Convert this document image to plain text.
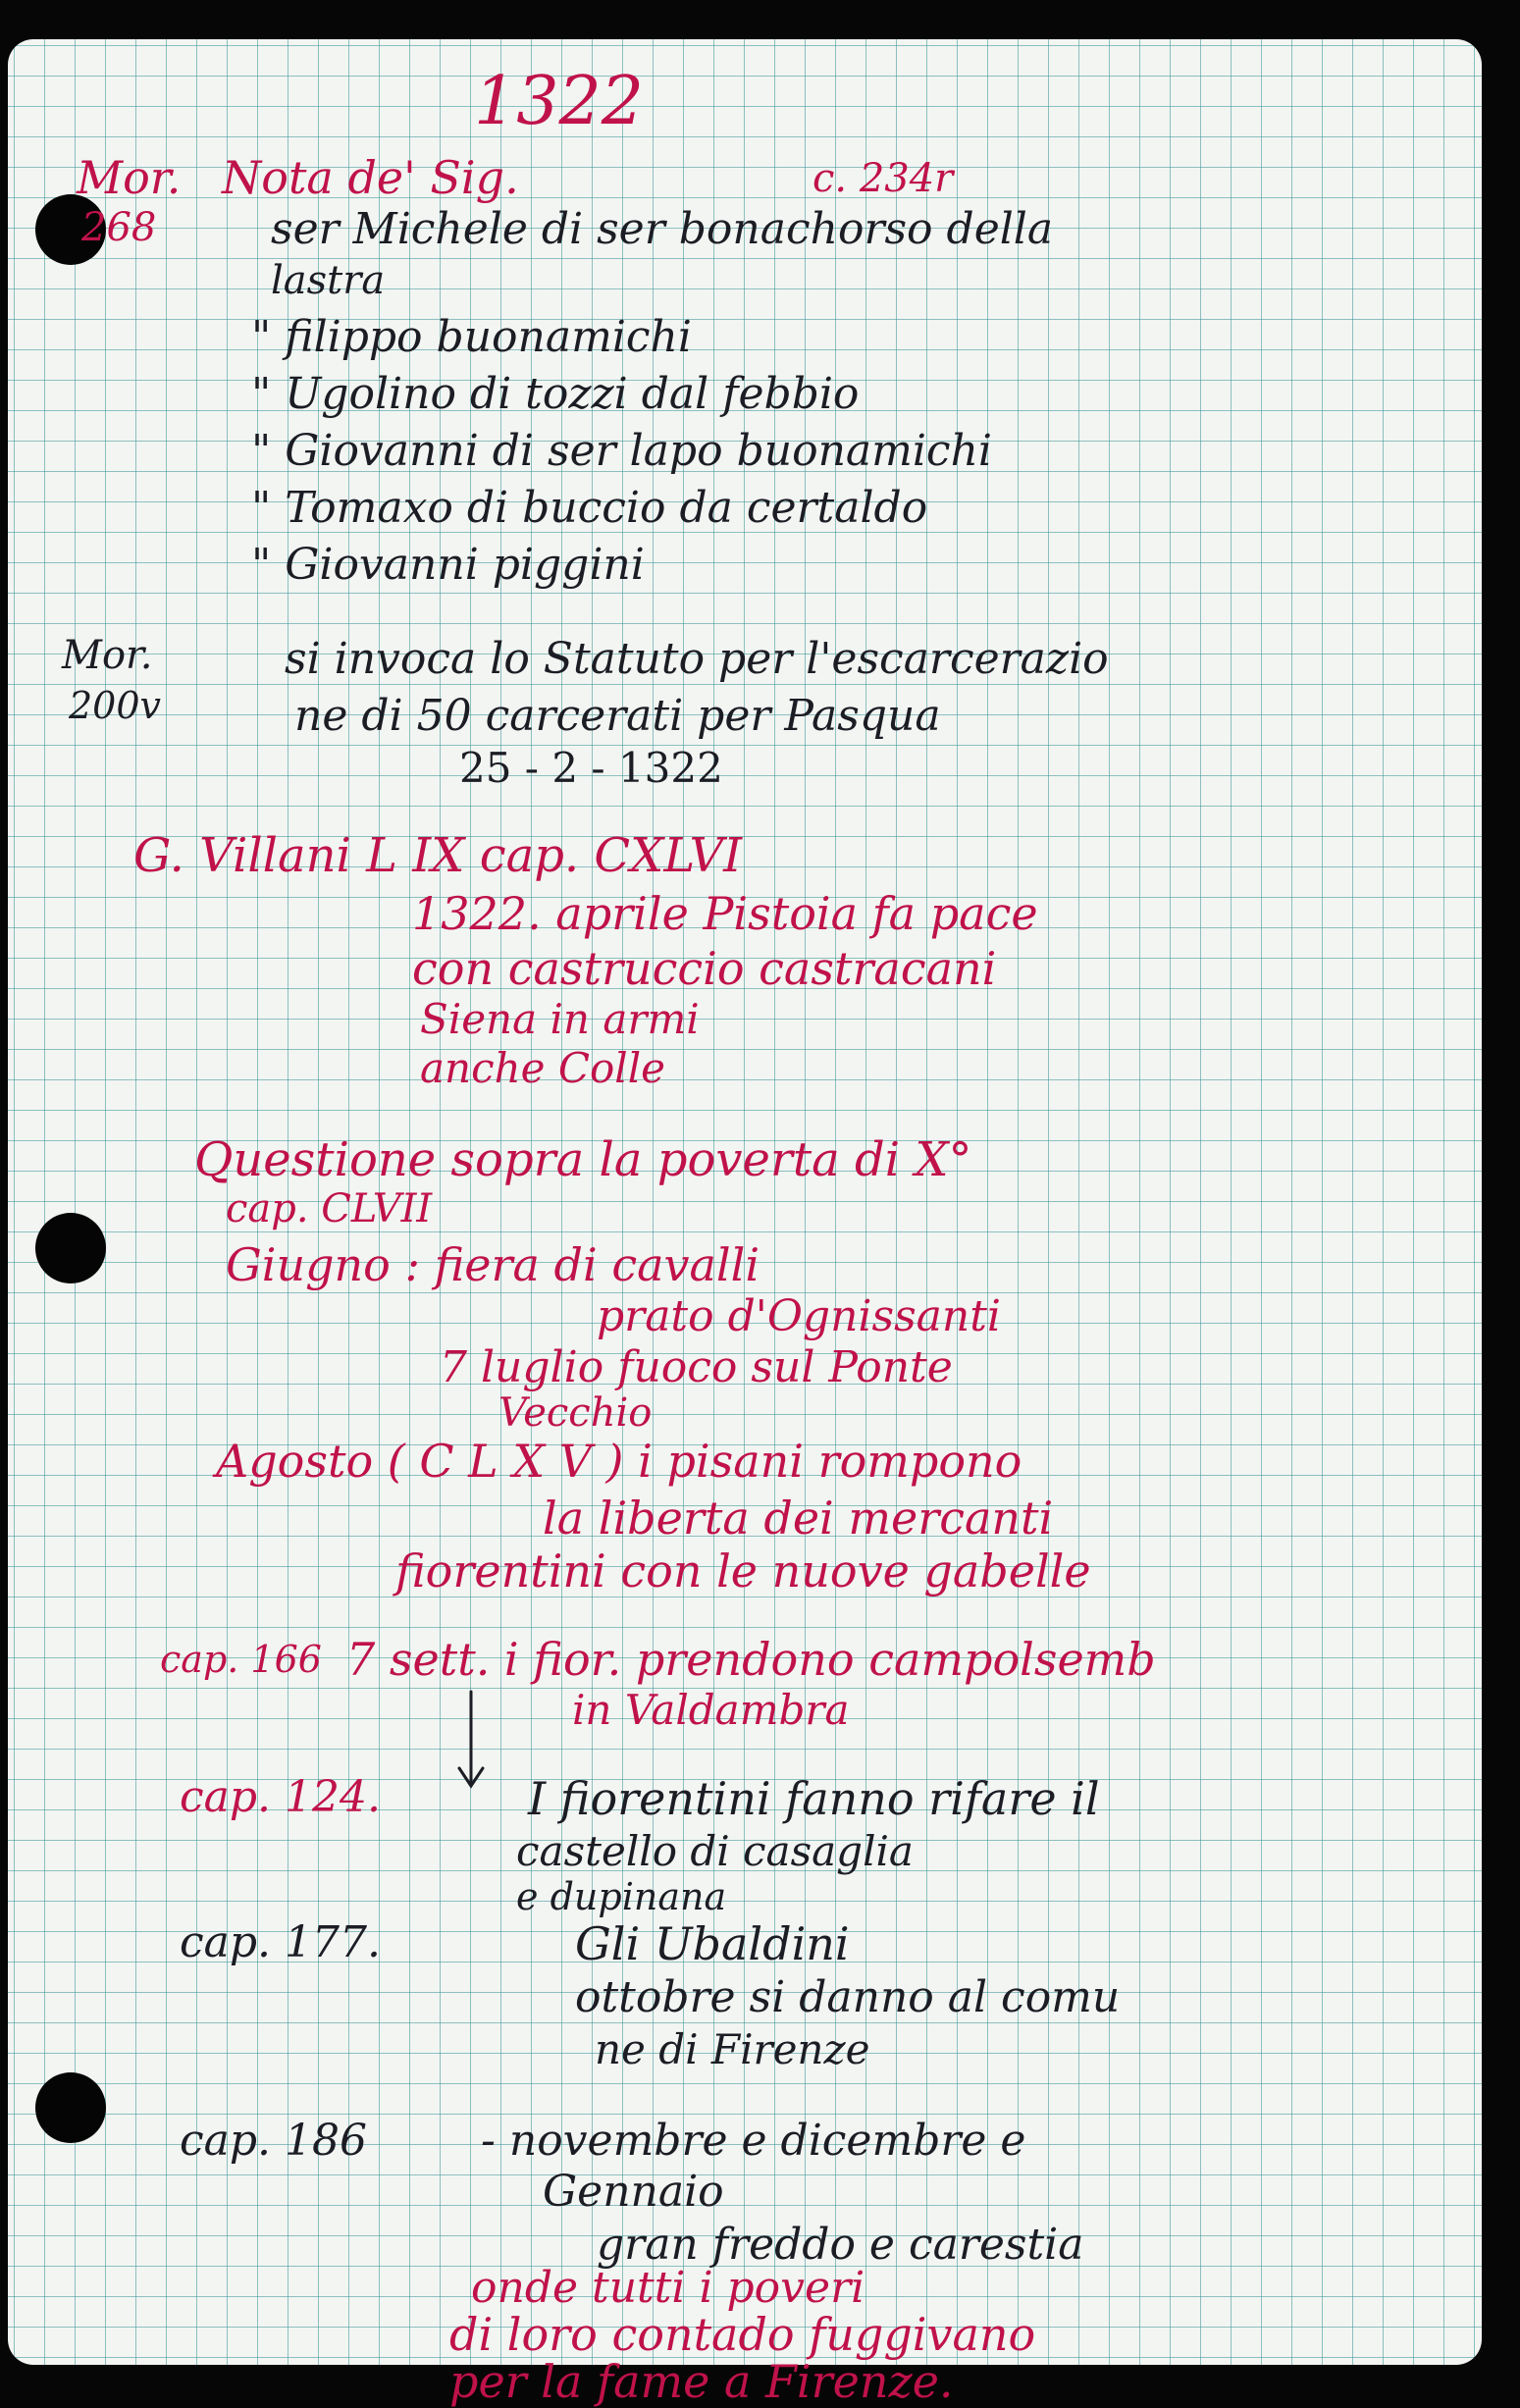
1322
Mor. Nota de' Sig.	c. 234r
268	ser Michele di ser bonachorso della
lastra
" filippo buonamichi
" Ugolino di tozzi dal febbio
" Giovanni di ser lapo buonamichi
" Tomaxo di buccio da certaldo
" Giovanni piggini
Mor.
200v
si invoca lo Statuto per l'escarcerazio
ne di 50 carcerati per Pasqua
25 - 2 - 1322
G. Villani L IX cap. CXLVI
1322. aprile Pistoia fa pace
con castruccio castracani
Siena in armi
anche Colle
Questione sopra la poverta di X°
cap. CLVII
Giugno : fiera di cavalli
prato d'Ognissanti
7 luglio fuoco sul Ponte
Vecchio
Agosto ( C L X V ) i pisani rompono
la liberta dei mercanti
fiorentini con le nuove gabelle
cap. 166 7 sett. i fior. prendono campolsemb
in Valdambra
cap. 124.	I fiorentini fanno rifare il
castello di casaglia
e dupinana
cap. 177.	Gli Ubaldini
ottobre si danno al comu
ne di Firenze
cap. 186	- novembre e dicembre e
Gennaio
gran freddo e carestia
onde tutti i poveri
di loro contado fuggivano
per la fame a Firenze.
